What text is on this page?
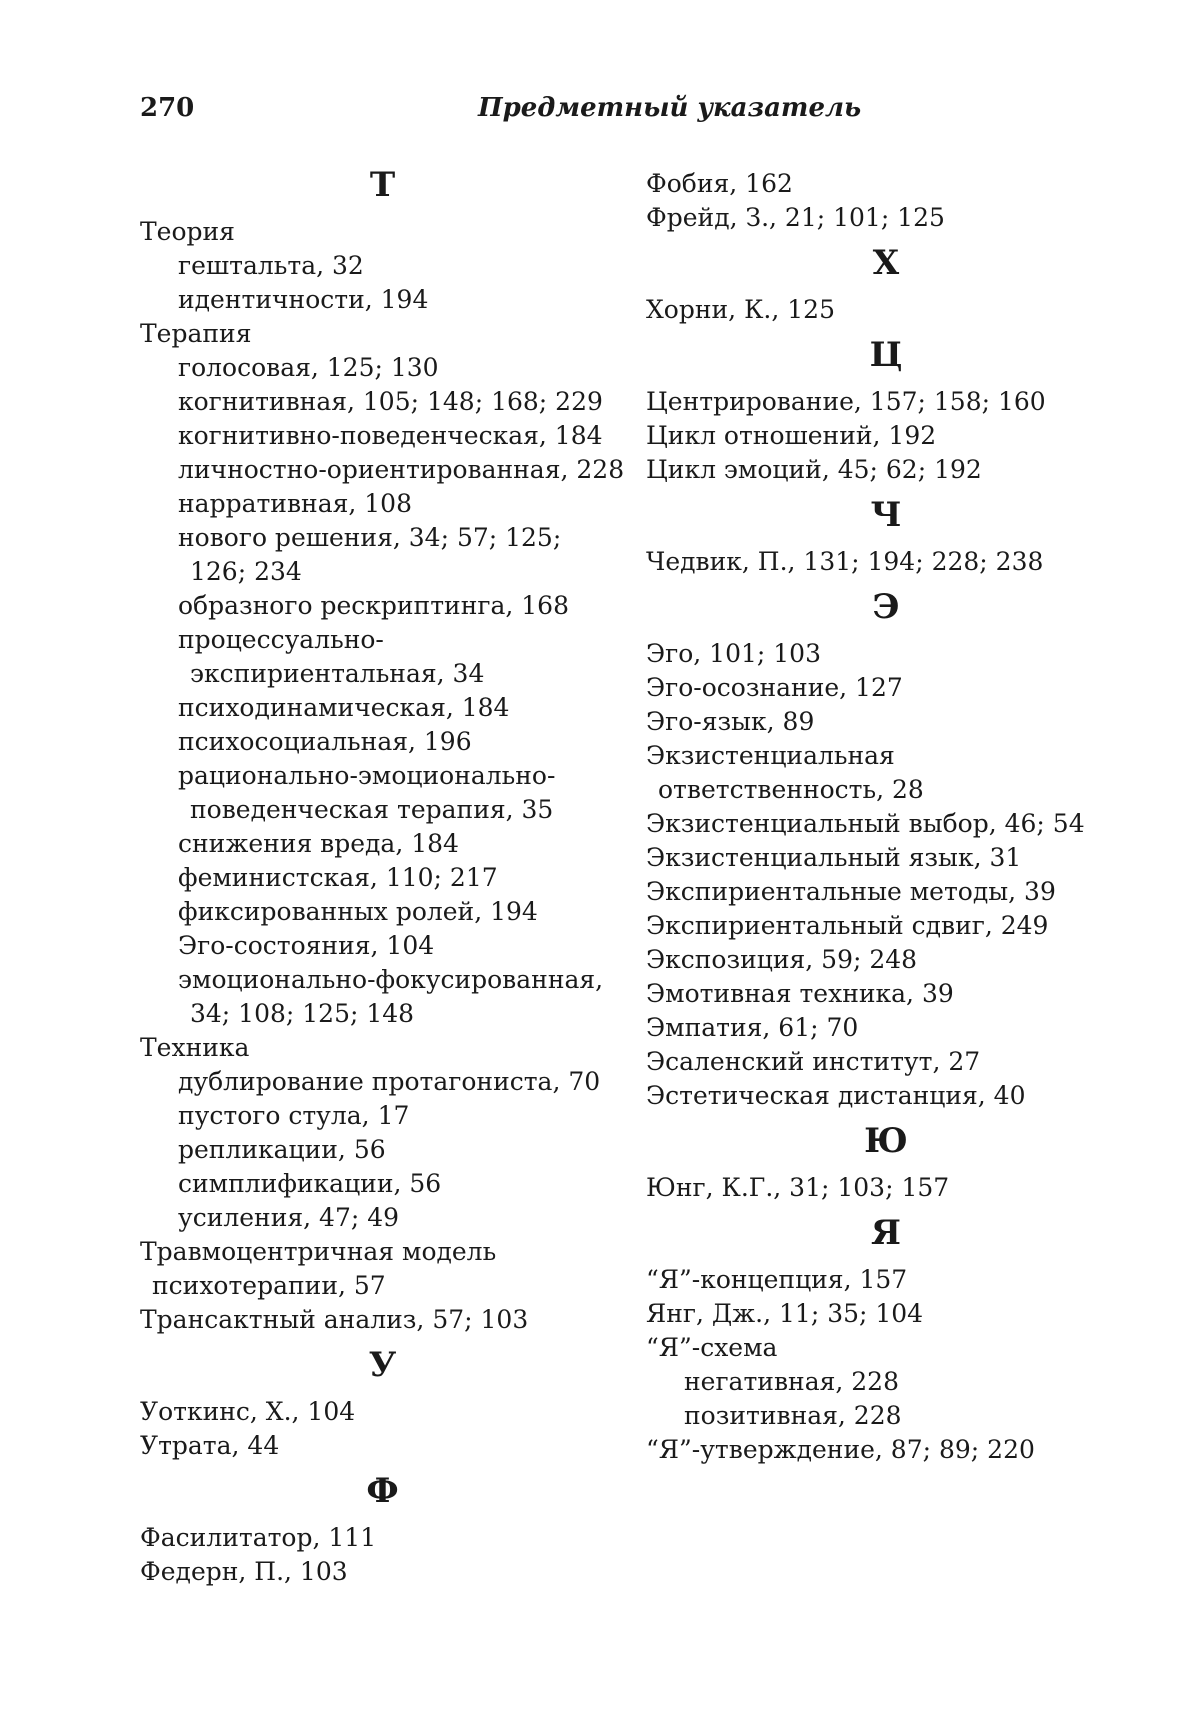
270	Предметный указатель
Т
Теория
гештальта, 32
идентичности, 194
Терапия
голосовая, 125; 130
когнитивная, 105; 148; 168; 229
когнитивно-поведенческая, 184
личностно-ориентированная, 228
нарративная, 108
нового решения, 34; 57; 125;
126; 234
образного рескриптинга, 168
процессуально-
экспириентальная, 34
психодинамическая, 184
психосоциальная, 196
рационально-эмоционально-
поведенческая терапия, 35
снижения вреда, 184
феминистская, 110; 217
фиксированных ролей, 194
Эго-состояния, 104
эмоционально-фокусированная,
34; 108; 125; 148
Техника
дублирование протагониста, 70
пустого стула, 17
репликации, 56
симплификации, 56
усиления, 47; 49
Травмоцентричная модель
психотерапии, 57
Трансактный анализ, 57; 103
У
Уоткинс, Х., 104
Утрата, 44
Ф
Фасилитатор, 111
Федерн, П., 103
Фобия, 162
Фрейд, З., 21; 101; 125
Х
Хорни, К., 125
Ц
Центрирование, 157; 158; 160
Цикл отношений, 192
Цикл эмоций, 45; 62; 192
Ч
Чедвик, П., 131; 194; 228; 238
Э
Эго, 101; 103
Эго-осознание, 127
Эго-язык, 89
Экзистенциальная
ответственность, 28
Экзистенциальный выбор, 46; 54
Экзистенциальный язык, 31
Экспириентальные методы, 39
Экспириентальный сдвиг, 249
Экспозиция, 59; 248
Эмотивная техника, 39
Эмпатия, 61; 70
Эсаленский институт, 27
Эстетическая дистанция, 40
Ю
Юнг, К.Г., 31; 103; 157
Я
“Я”-концепция, 157
Янг, Дж., 11; 35; 104
“Я”-схема
негативная, 228
позитивная, 228
“Я”-утверждение, 87; 89; 220
